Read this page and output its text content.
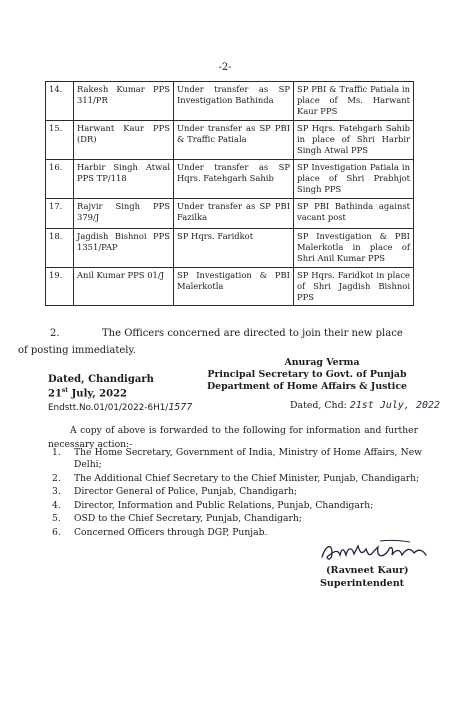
-2-
14.	Rakesh Kumar PPS 311/PR	Under transfer as SP Investigation Bathinda	SP PBI & Traffic Patiala in place of Ms. Harwant Kaur PPS
15.	Harwant Kaur PPS (DR)	Under transfer as SP PBI & Traffic Patiala	SP Hqrs. Fatehgarh Sahib in place of Shri Harbir Singh Atwal PPS
16.	Harbir Singh Atwal PPS TP/118	Under transfer as SP Hqrs. Fatehgarh Sahib	SP Investigation Patiala in place of Shri Prabhjot Singh PPS
17.	Rajvir Singh PPS 379/J	Under transfer as SP PBI Fazilka	SP PBI Bathinda against vacant post
18.	Jagdish Bishnoi PPS 1351/PAP	SP Hqrs. Faridkot	SP Investigation & PBI Malerkotla in place of Shri Anil Kumar PPS
19.	Anil Kumar PPS 01/J	SP Investigation & PBI Malerkotla	SP Hqrs. Faridkot in place of Shri Jagdish Bishnoi PPS
2.	The Officers concerned are directed to join their new place
of posting immediately.
Anurag Verma
Principal Secretary to Govt. of Punjab
Department of Home Affairs & Justice
Dated, Chandigarh
21st July, 2022
Endstt.No.01/01/2022-6H1/1577	Dated, Chd: 21st July, 2022
A copy of above is forwarded to the following for information and further necessary action:-
1.	The Home Secretary, Government of India, Ministry of Home Affairs, New Delhi;
2.	The Additional Chief Secretary to the Chief Minister, Punjab, Chandigarh;
3.	Director General of Police, Punjab, Chandigarh;
4.	Director, Information and Public Relations, Punjab, Chandigarh;
5.	OSD to the Chief Secretary, Punjab, Chandigarh;
6.	Concerned Officers through DGP, Punjab.
(Ravneet Kaur)
Superintendent
